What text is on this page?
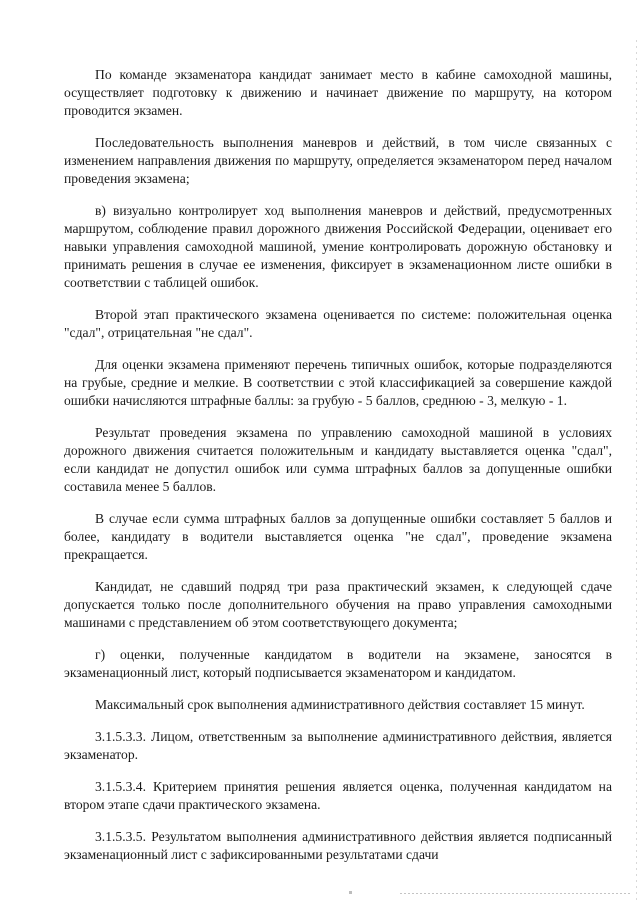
По команде экзаменатора кандидат занимает место в кабине самоходной машины, осуществляет подготовку к движению и начинает движение по маршруту, на котором проводится экзамен.

Последовательность выполнения маневров и действий, в том числе связанных с изменением направления движения по маршруту, определяется экзаменатором перед началом проведения экзамена;

в) визуально контролирует ход выполнения маневров и действий, предусмотренных маршрутом, соблюдение правил дорожного движения Российской Федерации, оценивает его навыки управления самоходной машиной, умение контролировать дорожную обстановку и принимать решения в случае ее изменения, фиксирует в экзаменационном листе ошибки в соответствии с таблицей ошибок.

Второй этап практического экзамена оценивается по системе: положительная оценка "сдал", отрицательная "не сдал".

Для оценки экзамена применяют перечень типичных ошибок, которые подразделяются на грубые, средние и мелкие. В соответствии с этой классификацией за совершение каждой ошибки начисляются штрафные баллы: за грубую - 5 баллов, среднюю - 3, мелкую - 1.

Результат проведения экзамена по управлению самоходной машиной в условиях дорожного движения считается положительным и кандидату выставляется оценка "сдал", если кандидат не допустил ошибок или сумма штрафных баллов за допущенные ошибки составила менее 5 баллов.

В случае если сумма штрафных баллов за допущенные ошибки составляет 5 баллов и более, кандидату в водители выставляется оценка "не сдал", проведение экзамена прекращается.

Кандидат, не сдавший подряд три раза практический экзамен, к следующей сдаче допускается только после дополнительного обучения на право управления самоходными машинами с представлением об этом соответствующего документа;

г) оценки, полученные кандидатом в водители на экзамене, заносятся в экзаменационный лист, который подписывается экзаменатором и кандидатом.

Максимальный срок выполнения административного действия составляет 15 минут.

3.1.5.3.3. Лицом, ответственным за выполнение административного действия, является экзаменатор.

3.1.5.3.4. Критерием принятия решения является оценка, полученная кандидатом на втором этапе сдачи практического экзамена.

3.1.5.3.5. Результатом выполнения административного действия является подписанный экзаменационный лист с зафиксированными результатами сдачи
